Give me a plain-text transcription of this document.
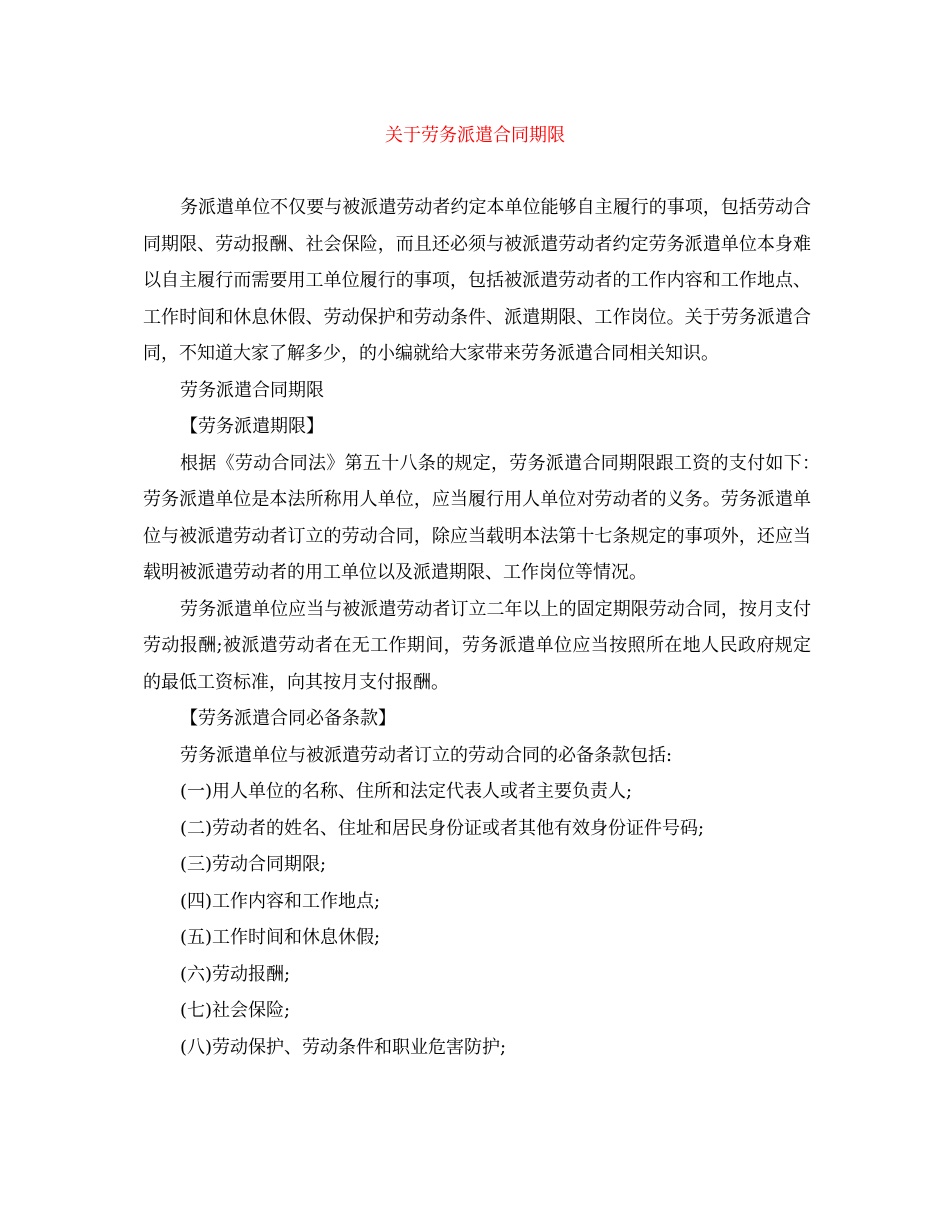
关于劳务派遣合同期限

务派遣单位不仅要与被派遣劳动者约定本单位能够自主履行的事项，包括劳动合同期限、劳动报酬、社会保险，而且还必须与被派遣劳动者约定劳务派遣单位本身难以自主履行而需要用工单位履行的事项，包括被派遣劳动者的工作内容和工作地点、工作时间和休息休假、劳动保护和劳动条件、派遣期限、工作岗位。关于劳务派遣合同，不知道大家了解多少，的小编就给大家带来劳务派遣合同相关知识。

劳务派遣合同期限

【劳务派遣期限】

根据《劳动合同法》第五十八条的规定，劳务派遣合同期限跟工资的支付如下：　 劳务派遣单位是本法所称用人单位，应当履行用人单位对劳动者的义务。劳务派遣单位与被派遣劳动者订立的劳动合同，除应当载明本法第十七条规定的事项外，还应当载明被派遣劳动者的用工单位以及派遣期限、工作岗位等情况。

劳务派遣单位应当与被派遣劳动者订立二年以上的固定期限劳动合同，按月支付劳动报酬;被派遣劳动者在无工作期间，劳务派遣单位应当按照所在地人民政府规定的最低工资标准，向其按月支付报酬。

【劳务派遣合同必备条款】

劳务派遣单位与被派遣劳动者订立的劳动合同的必备条款包括:

(一)用人单位的名称、住所和法定代表人或者主要负责人;

(二)劳动者的姓名、住址和居民身份证或者其他有效身份证件号码;

(三)劳动合同期限;

(四)工作内容和工作地点;

(五)工作时间和休息休假;

(六)劳动报酬;

(七)社会保险;

(八)劳动保护、劳动条件和职业危害防护;
